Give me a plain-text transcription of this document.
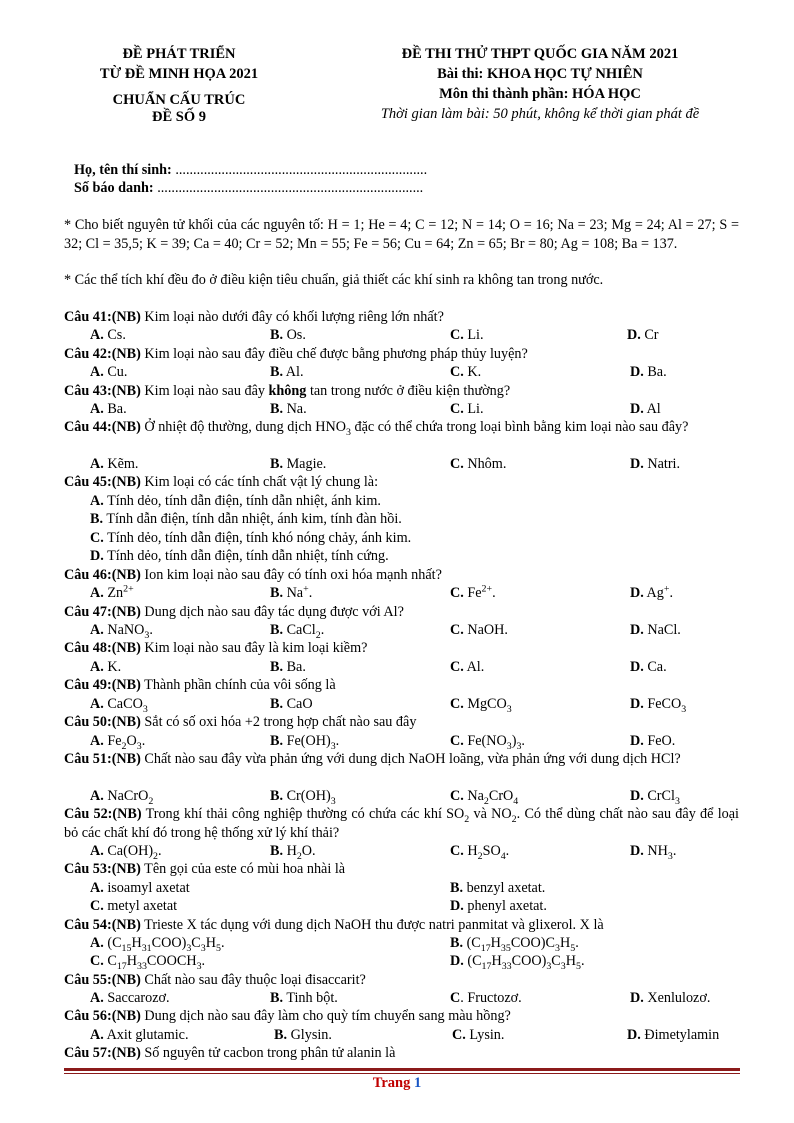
ĐỀ PHÁT TRIỂN
TỪ ĐỀ MINH HỌA 2021
CHUẨN CẤU TRÚC
ĐỀ SỐ 9
ĐỀ THI THỬ THPT QUỐC GIA NĂM 2021
Bài thi: KHOA HỌC TỰ NHIÊN
Môn thi thành phần: HÓA HỌC
Thời gian làm bài: 50 phút, không kể thời gian phát đề
Họ, tên thí sinh: .......................................................................
Số báo danh: ...........................................................................
* Cho biết nguyên tử khối của các nguyên tố: H = 1; He = 4; C = 12; N = 14; O = 16; Na = 23; Mg = 24; Al = 27; S = 32; Cl = 35,5; K = 39; Ca = 40; Cr = 52; Mn = 55; Fe = 56; Cu = 64; Zn = 65; Br = 80; Ag = 108; Ba = 137.
* Các thể tích khí đều đo ở điều kiện tiêu chuẩn, giả thiết các khí sinh ra không tan trong nước.
Câu 41:(NB) Kim loại nào dưới đây có khối lượng riêng lớn nhất?
A. Cs.	B. Os.	C. Li.	D. Cr
Câu 42:(NB) Kim loại nào sau đây điều chế được bằng phương pháp thủy luyện?
A. Cu.	B. Al.	C. K.	D. Ba.
Câu 43:(NB) Kim loại nào sau đây không tan trong nước ở điều kiện thường?
A. Ba.	B. Na.	C. Li.	D. Al
Câu 44:(NB) Ở nhiệt độ thường, dung dịch $HNO_3$ đặc có thể chứa trong loại bình bằng kim loại nào sau đây?
A. Kẽm.	B. Magie.	C. Nhôm.	D. Natri.
Câu 45:(NB) Kim loại có các tính chất vật lý chung là:
A. Tính dẻo, tính dẫn điện, tính dẫn nhiệt, ánh kim.
B. Tính dẫn điện, tính dẫn nhiệt, ánh kim, tính đàn hồi.
C. Tính dẻo, tính dẫn điện, tính khó nóng chảy, ánh kim.
D. Tính dẻo, tính dẫn điện, tính dẫn nhiệt, tính cứng.
Câu 46:(NB) Ion kim loại nào sau đây có tính oxi hóa mạnh nhất?
A. $Zn^{2+}$	B. Na+.	C. $Fe^{2+}$.	D. Ag+.
Câu 47:(NB) Dung dịch nào sau đây tác dụng được với Al?
A. NaNO$_3$.	B. CaCl$_2$.	C. NaOH.	D. NaCl.
Câu 48:(NB) Kim loại nào sau đây là kim loại kiềm?
A. K.	B. Ba.	C. Al.	D. Ca.
Câu 49:(NB) Thành phần chính của vôi sống là
A. CaCO$_3$	B. CaO	C. MgCO$_3$	D. FeCO$_3$
Câu 50:(NB) Sắt có số oxi hóa +2 trong hợp chất nào sau đây
A. $Fe_2O_3$.	B. $Fe(OH)_3$.	C. $Fe(NO_3)_3$.	D. FeO.
Câu 51:(NB) Chất nào sau đây vừa phản ứng với dung dịch NaOH loãng, vừa phản ứng với dung dịch HCl?
A. NaCrO$_2$	B. $Cr(OH)_3$	C. $Na_2CrO_4$	D. CrCl$_3$
Câu 52:(NB) Trong khí thải công nghiệp thường có chứa các khí $SO_2$ và $NO_2$. Có thể dùng chất nào sau đây để loại bỏ các chất khí đó trong hệ thống xử lý khí thải?
A. $Ca(OH)_2$.	B. $H_2O$.	C. $H_2SO_4$.	D. $NH_3$.
Câu 53:(NB) Tên gọi của este có mùi hoa nhài là
A. isoamyl axetat	B. benzyl axetat.
C. metyl axetat	D. phenyl axetat.
Câu 54:(NB) Trieste X tác dụng với dung dịch NaOH thu được natri panmitat và glixerol. X là
A. $(C_{15}H_{31}COO)_3C_3H_5$.	B. $(C_{17}H_{35}COO)C_3H_5$.
C. $C_{17}H_{33}COOCH_3$.	D. $(C_{17}H_{33}COO)_3C_3H_5$.
Câu 55:(NB) Chất nào sau đây thuộc loại đisaccarit?
A. Saccarozơ.	B. Tinh bột.	C. Fructozơ.	D. Xenlulozơ.
Câu 56:(NB) Dung dịch nào sau đây làm cho quỳ tím chuyển sang màu hồng?
A. Axit glutamic.	B. Glysin.	C. Lysin.	D. Đimetylamin
Câu 57:(NB) Số nguyên tử cacbon trong phân tử alanin là
Trang 1
